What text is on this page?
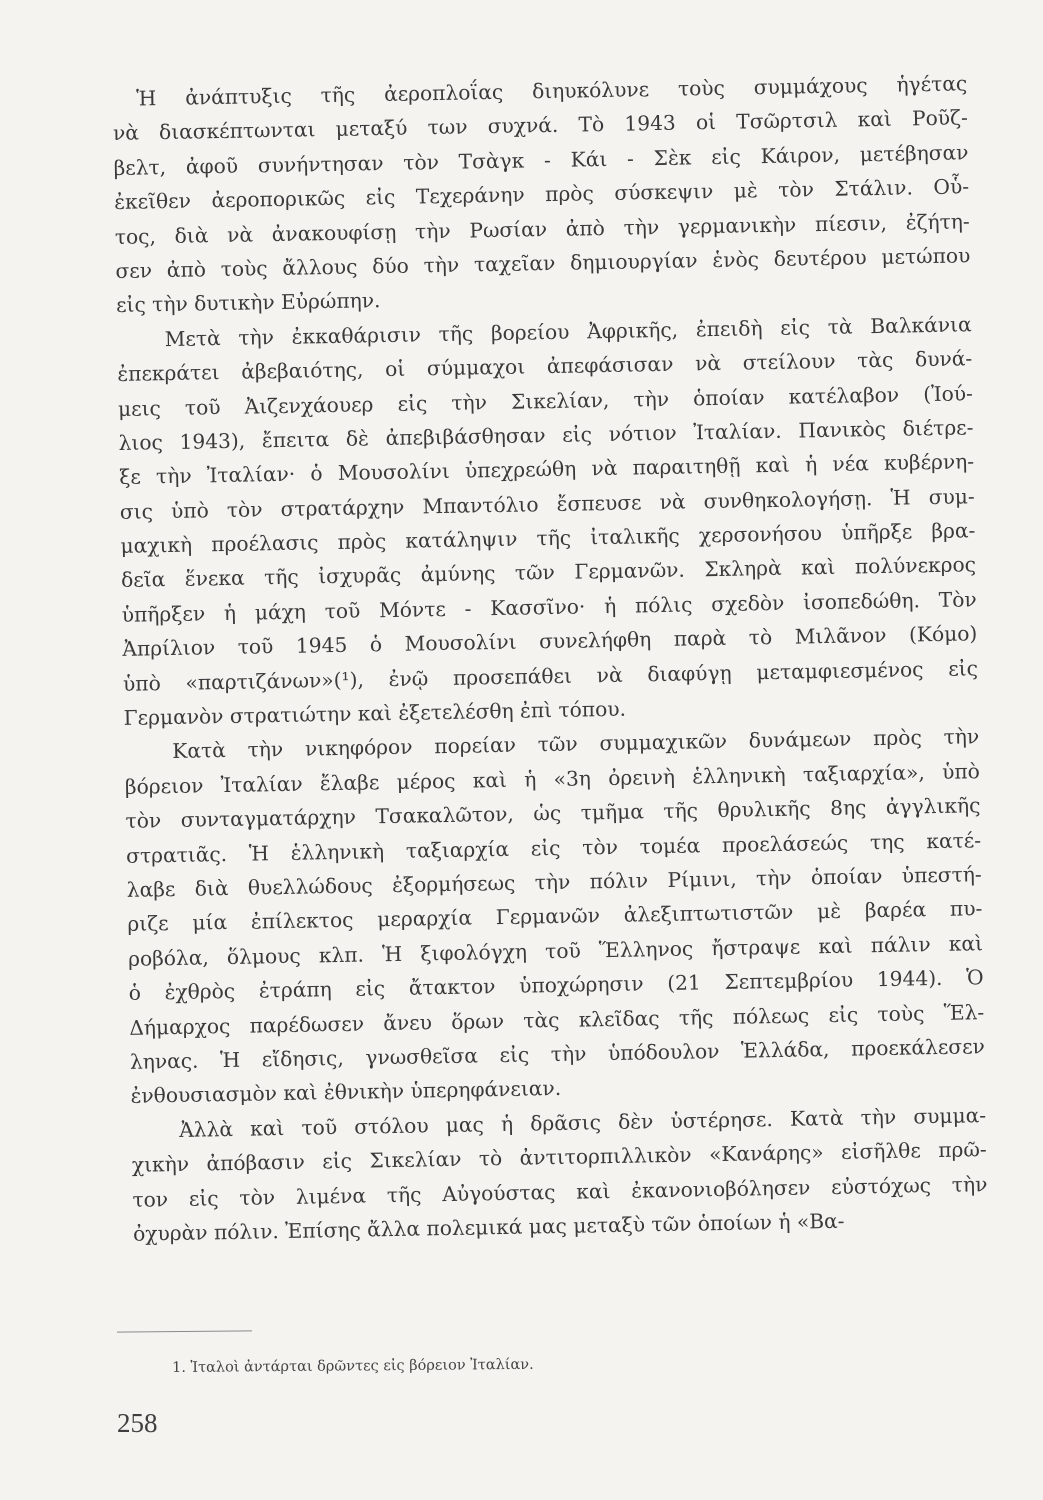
Ἡ ἀνάπτυξις τῆς ἀεροπλοΐας διηυκόλυνε τοὺς συμμάχους ἡγέτας
νὰ διασκέπτωνται μεταξύ των συχνά. Τὸ 1943 οἱ Τσῶρτσιλ καὶ Ροῦζ-
βελτ, ἀφοῦ συνήντησαν τὸν Τσὰγκ - Κάι - Σὲκ εἰς Κάιρον, μετέβησαν
ἐκεῖθεν ἀεροπορικῶς εἰς Τεχεράνην πρὸς σύσκεψιν μὲ τὸν Στάλιν. Οὗ-
τος, διὰ νὰ ἀνακουφίσῃ τὴν Ρωσίαν ἀπὸ τὴν γερμανικὴν πίεσιν, ἐζήτη-
σεν ἀπὸ τοὺς ἄλλους δύο τὴν ταχεῖαν δημιουργίαν ἑνὸς δευτέρου μετώπου
εἰς τὴν δυτικὴν Εὐρώπην.
Μετὰ τὴν ἐκκαθάρισιν τῆς βορείου Ἀφρικῆς, ἐπειδὴ εἰς τὰ Βαλκάνια
ἐπεκράτει ἀβεβαιότης, οἱ σύμμαχοι ἀπεφάσισαν νὰ στείλουν τὰς δυνά-
μεις τοῦ Ἀιζενχάουερ εἰς τὴν Σικελίαν, τὴν ὁποίαν κατέλαβον (Ἰού-
λιος 1943), ἔπειτα δὲ ἀπεβιβάσθησαν εἰς νότιον Ἰταλίαν. Πανικὸς διέτρε-
ξε τὴν Ἰταλίαν· ὁ Μουσολίνι ὑπεχρεώθη νὰ παραιτηθῇ καὶ ἡ νέα κυβέρνη-
σις ὑπὸ τὸν στρατάρχην Μπαντόλιο ἔσπευσε νὰ συνθηκολογήσῃ. Ἡ συμ-
μαχικὴ προέλασις πρὸς κατάληψιν τῆς ἰταλικῆς χερσονήσου ὑπῆρξε βρα-
δεῖα ἕνεκα τῆς ἰσχυρᾶς ἀμύνης τῶν Γερμανῶν. Σκληρὰ καὶ πολύνεκρος
ὑπῆρξεν ἡ μάχη τοῦ Μόντε - Κασσῖνο· ἡ πόλις σχεδὸν ἰσοπεδώθη. Τὸν
Ἀπρίλιον τοῦ 1945 ὁ Μουσολίνι συνελήφθη παρὰ τὸ Μιλᾶνον (Κόμο)
ὑπὸ «παρτιζάνων»(¹), ἐνῷ προσεπάθει νὰ διαφύγῃ μεταμφιεσμένος εἰς
Γερμανὸν στρατιώτην καὶ ἐξετελέσθη ἐπὶ τόπου.
Κατὰ τὴν νικηφόρον πορείαν τῶν συμμαχικῶν δυνάμεων πρὸς τὴν
βόρειον Ἰταλίαν ἔλαβε μέρος καὶ ἡ «3η ὀρεινὴ ἑλληνικὴ ταξιαρχία», ὑπὸ
τὸν συνταγματάρχην Τσακαλῶτον, ὡς τμῆμα τῆς θρυλικῆς 8ης ἀγγλικῆς
στρατιᾶς. Ἡ ἑλληνικὴ ταξιαρχία εἰς τὸν τομέα προελάσεώς της κατέ-
λαβε διὰ θυελλώδους ἐξορμήσεως τὴν πόλιν Ρίμινι, τὴν ὁποίαν ὑπεστή-
ριζε μία ἐπίλεκτος μεραρχία Γερμανῶν ἀλεξιπτωτιστῶν μὲ βαρέα πυ-
ροβόλα, ὅλμους κλπ. Ἡ ξιφολόγχη τοῦ Ἕλληνος ἤστραψε καὶ πάλιν καὶ
ὁ ἐχθρὸς ἐτράπη εἰς ἄτακτον ὑποχώρησιν (21 Σεπτεμβρίου 1944). Ὁ
Δήμαρχος παρέδωσεν ἄνευ ὅρων τὰς κλεῖδας τῆς πόλεως εἰς τοὺς Ἕλ-
ληνας. Ἡ εἴδησις, γνωσθεῖσα εἰς τὴν ὑπόδουλον Ἑλλάδα, προεκάλεσεν
ἐνθουσιασμὸν καὶ ἐθνικὴν ὑπερηφάνειαν.
Ἀλλὰ καὶ τοῦ στόλου μας ἡ δρᾶσις δὲν ὑστέρησε. Κατὰ τὴν συμμα-
χικὴν ἀπόβασιν εἰς Σικελίαν τὸ ἀντιτορπιλλικὸν «Κανάρης» εἰσῆλθε πρῶ-
τον εἰς τὸν λιμένα τῆς Αὐγούστας καὶ ἐκανονιοβόλησεν εὐστόχως τὴν
ὀχυρὰν πόλιν. Ἐπίσης ἄλλα πολεμικά μας μεταξὺ τῶν ὁποίων ἡ «Βα-
1. Ἰταλοὶ ἀντάρται δρῶντες εἰς βόρειον Ἰταλίαν.
258
